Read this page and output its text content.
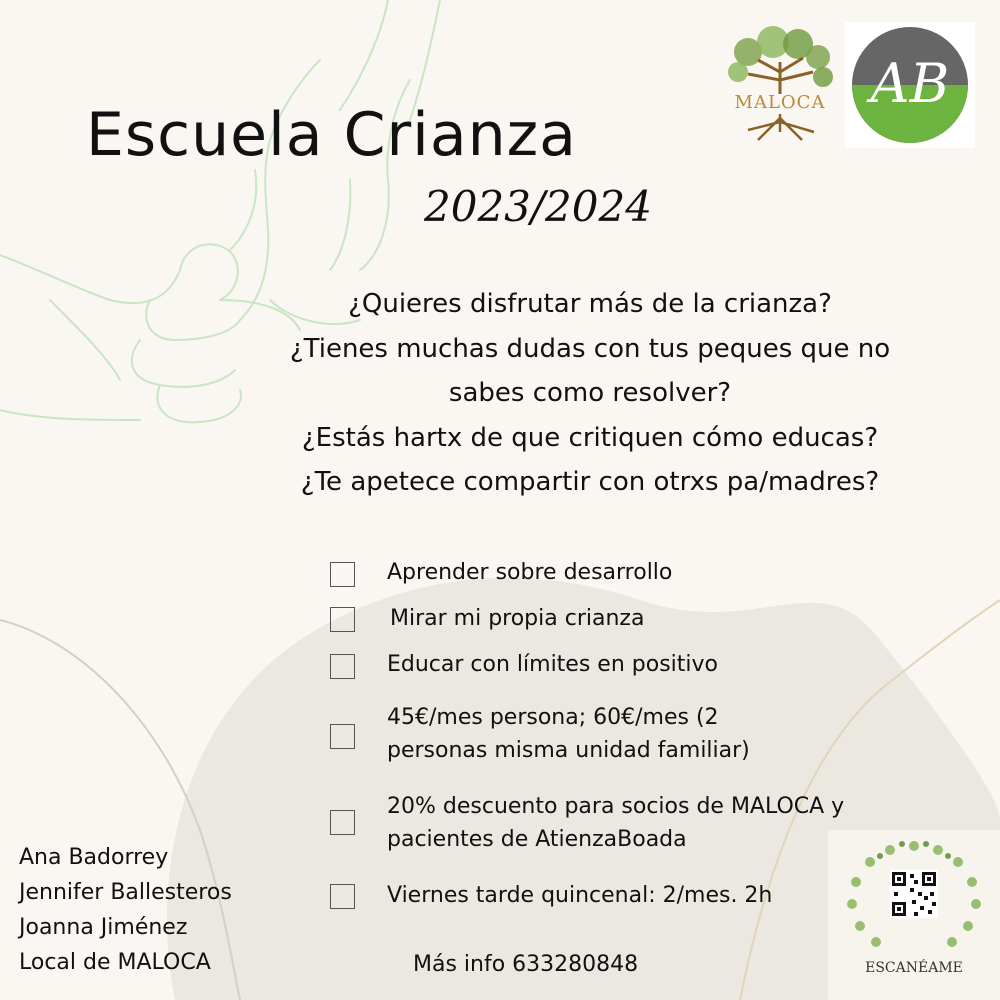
MALOCA AB
Escuela Crianza
2023/2024
¿Quieres disfrutar más de la crianza?
¿Tienes muchas dudas con tus peques que no
sabes como resolver?
¿Estás hartx de que critiquen cómo educas?
¿Te apetece compartir con otrxs pa/madres?
Aprender sobre desarrollo
Mirar mi propia crianza
Educar con límites en positivo
45€/mes persona; 60€/mes (2
personas misma unidad familiar)
20% descuento para socios de MALOCA y
pacientes de AtienzaBoada
Viernes tarde quincenal: 2/mes. 2h
Ana Badorrey
Jennifer Ballesteros
Joanna Jiménez
Local de MALOCA	Más info 633280848	ESCANÉAME
